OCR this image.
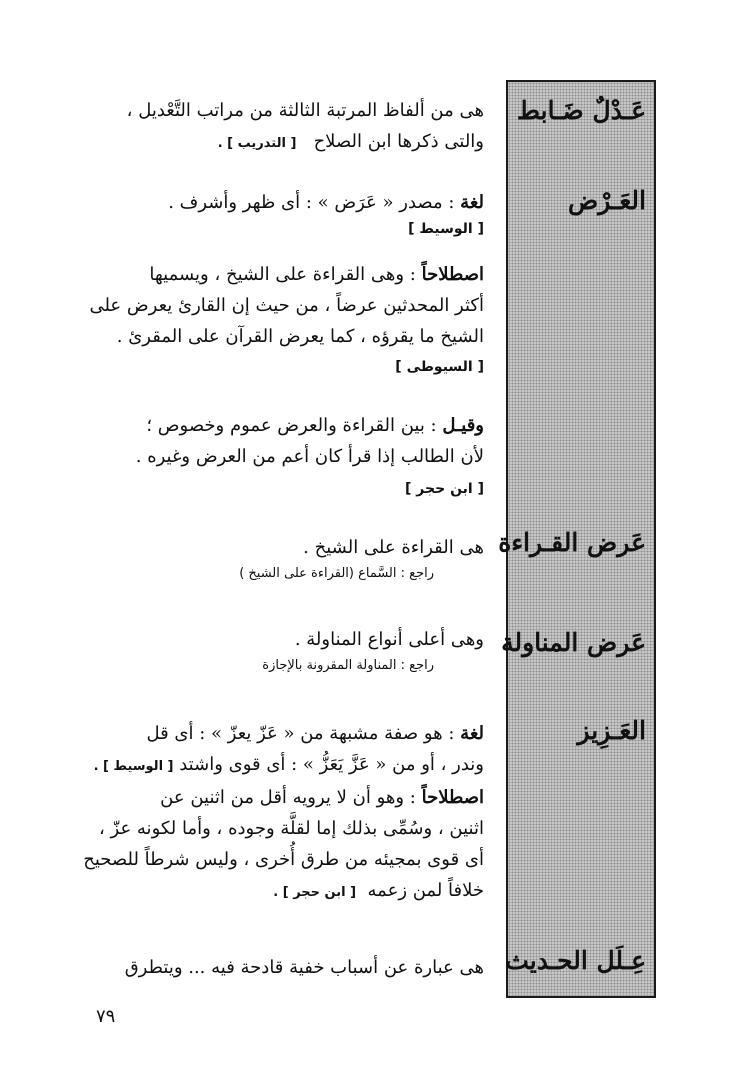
عَـدْلٌ ضَـابط
العَـرْض
عَرض القـراءة
عَرض المناولة
العَـزِيز
عِـلَل الحـديث
هى من ألفاظ المرتبة الثالثة من مراتب التَّعْديل ،
والتى ذكرها ابن الصلاح   [ التدريب ] .
لغة : مصدر « عَرَض » : أى ظهر وأشرف .
[ الوسيط ]
اصطلاحاً : وهى القراءة على الشيخ ، ويسميها
أكثر المحدثين عرضاً ، من حيث إن القارئ يعرض على
الشيخ ما يقرؤه ، كما يعرض القرآن على المقرئ .
[ السيوطى ]
وقيـل : بين القراءة والعرض عموم وخصوص ؛
لأن الطالب إذا قرأ كان أعم من العرض وغيره .
[ ابن حجر ]
هى القراءة على الشيخ .
راجع : السَّماع (القراءة على الشيخ )
وهى أعلى أنواع المناولة .
راجع : المناولة المقرونة بالإجازة
لغة : هو صفة مشبهة من « عَزّ يعزّ » : أى قل
وندر ، أو من « عَزَّ يَعَزُّ » : أى قوى واشتد [ الوسيط ] .
اصطلاحاً : وهو أن لا يرويه أقل من اثنين عن
اثنين ، وسُمِّى بذلك إما لقلَّة وجوده ، وأما لكونه عزّ ،
أى قوى بمجيئه من طرق أُخرى ، وليس شرطاً للصحيح
خلافاً لمن زعمه  [ ابن حجر ] .
هى عبارة عن أسباب خفية قادحة فيه ... ويتطرق
٧٩
